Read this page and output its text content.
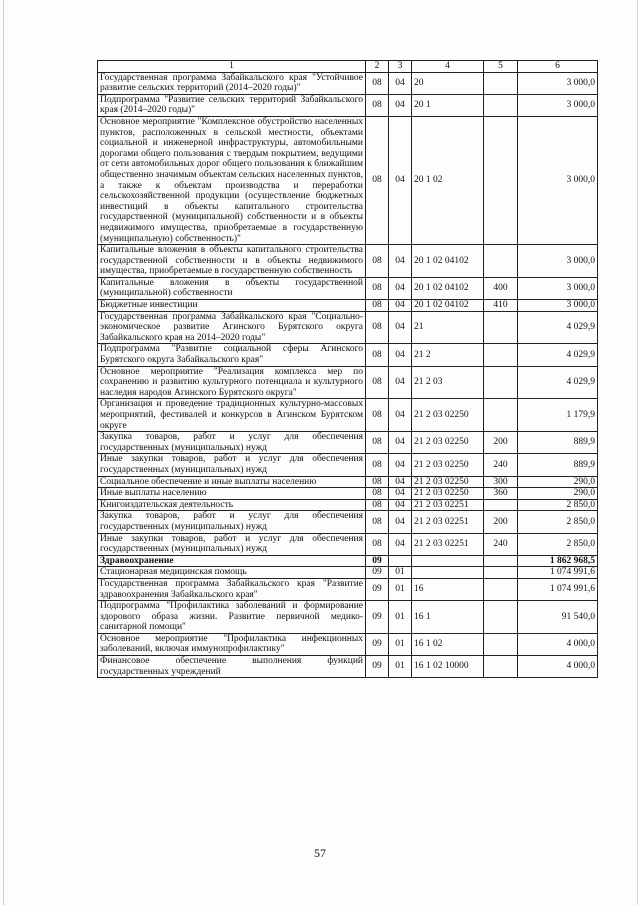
1	2	3	4	5	6
Государственная программа Забайкальского края "Устойчивое развитие сельских территорий (2014–2020 годы)"	08	04	20		3 000,0
Подпрограмма "Развитие сельских территорий Забайкальского края (2014–2020 годы)"	08	04	20 1		3 000,0
Основное мероприятие "Комплексное обустройство населенных пунктов, расположенных в сельской местности, объектами социальной и инженерной инфраструктуры, автомобильными дорогами общего пользования с твердым покрытием, ведущими от сети автомобильных дорог общего пользования к ближайшим общественно значимым объектам сельских населенных пунктов, а также к объектам производства и переработки сельскохозяйственной продукции (осуществление бюджетных инвестиций в объекты капитального строительства государственной (муниципальной) собственности и в объекты недвижимого имущества, приобретаемые в государственную (муниципальную) собственность)"	08	04	20 1 02		3 000,0
Капитальные вложения в объекты капитального строительства государственной собственности и в объекты недвижимого имущества, приобретаемые в государственную собственность	08	04	20 1 02 04102		3 000,0
Капитальные вложения в объекты государственной (муниципальной) собственности	08	04	20 1 02 04102	400	3 000,0
Бюджетные инвестиции	08	04	20 1 02 04102	410	3 000,0
Государственная программа Забайкальского края "Социально-экономическое развитие Агинского Бурятского округа Забайкальского края на 2014–2020 годы"	08	04	21		4 029,9
Подпрограмма "Развитие социальной сферы Агинского Бурятского округа Забайкальского края"	08	04	21 2		4 029,9
Основное мероприятие "Реализация комплекса мер по сохранению и развитию культурного потенциала и культурного наследия народов Агинского Бурятского округа"	08	04	21 2 03		4 029,9
Организация и проведение традиционных культурно-массовых мероприятий, фестивалей и конкурсов в Агинском Бурятском округе	08	04	21 2 03 02250		1 179,9
Закупка товаров, работ и услуг для обеспечения государственных (муниципальных) нужд	08	04	21 2 03 02250	200	889,9
Иные закупки товаров, работ и услуг для обеспечения государственных (муниципальных) нужд	08	04	21 2 03 02250	240	889,9
Социальное обеспечение и иные выплаты населению	08	04	21 2 03 02250	300	290,0
Иные выплаты населению	08	04	21 2 03 02250	360	290,0
Книгоиздательская деятельность	08	04	21 2 03 02251		2 850,0
Закупка товаров, работ и услуг для обеспечения государственных (муниципальных) нужд	08	04	21 2 03 02251	200	2 850,0
Иные закупки товаров, работ и услуг для обеспечения государственных (муниципальных) нужд	08	04	21 2 03 02251	240	2 850,0
Здравоохранение	09				1 862 968,5
Стационарная медицинская помощь	09	01			1 074 991,6
Государственная программа Забайкальского края "Развитие здравоохранения Забайкальского края"	09	01	16		1 074 991,6
Подпрограмма "Профилактика заболеваний и формирование здорового образа жизни. Развитие первичной медико-санитарной помощи"	09	01	16 1		91 540,0
Основное мероприятие "Профилактика инфекционных заболеваний, включая иммунопрофилактику"	09	01	16 1 02		4 000,0
Финансовое обеспечение выполнения функций государственных учреждений	09	01	16 1 02 10000		4 000,0
57
